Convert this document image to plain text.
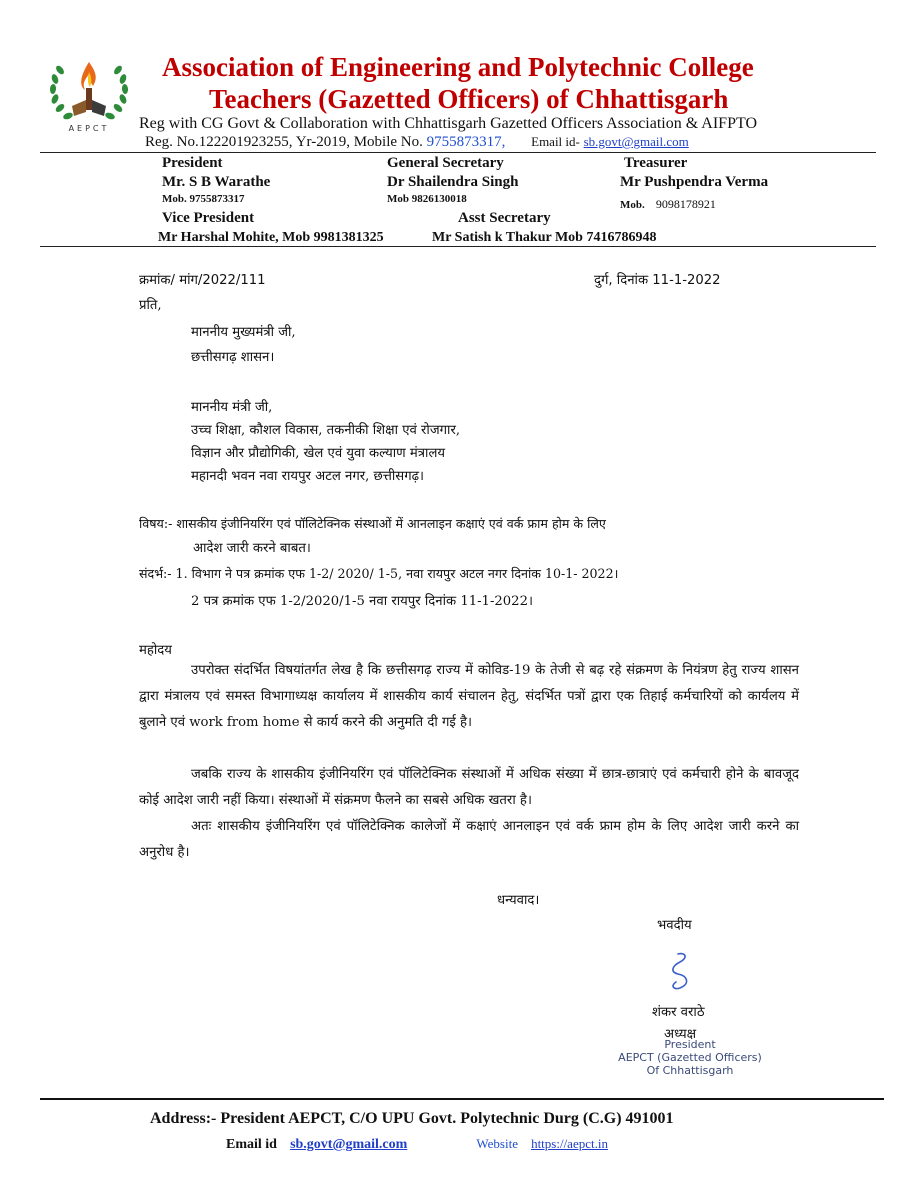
AEPCT
Association of Engineering and Polytechnic College
Teachers (Gazetted Officers) of Chhattisgarh
Reg with CG Govt & Collaboration with Chhattisgarh Gazetted Officers Association & AIFPTO
Reg. No.122201923255, Yr-2019, Mobile No. 9755873317, Email id- sb.govt@gmail.com
President
Mr. S B Warathe
Mob. 9755873317
General Secretary
Dr Shailendra Singh
Mob 9826130018
Treasurer
Mr Pushpendra Verma
Mob. 9098178921
Vice President	Asst Secretary
Mr Harshal Mohite, Mob 9981381325	Mr Satish k Thakur Mob 7416786948
क्रमांक/ मांग/2022/111	दुर्ग, दिनांक 11-1-2022
प्रति,
माननीय मुख्यमंत्री जी,
छत्तीसगढ़ शासन।
माननीय मंत्री जी,
उच्च शिक्षा, कौशल विकास, तकनीकी शिक्षा एवं रोजगार,
विज्ञान और प्रौद्योगिकी, खेल एवं युवा कल्याण मंत्रालय
महानदी भवन नवा रायपुर अटल नगर, छत्तीसगढ़।
विषय:- शासकीय इंजीनियरिंग एवं पॉलिटेक्निक संस्थाओं में आनलाइन कक्षाएं एवं वर्क फ्राम होम के लिए
आदेश जारी करने बाबत।
संदर्भ:- 1. विभाग ने पत्र क्रमांक एफ 1-2/ 2020/ 1-5, नवा रायपुर अटल नगर दिनांक 10-1- 2022।
2 पत्र क्रमांक एफ 1-2/2020/1-5 नवा रायपुर दिनांक 11-1-2022।
महोदय
उपरोक्त संदर्भित विषयांतर्गत लेख है कि छत्तीसगढ़ राज्य में कोविड-19 के तेजी से बढ़ रहे संक्रमण के नियंत्रण हेतु राज्य शासन द्वारा मंत्रालय एवं समस्त विभागाध्यक्ष कार्यालय में शासकीय कार्य संचालन हेतु, संदर्भित पत्रों द्वारा एक तिहाई कर्मचारियों को कार्यलय में बुलाने एवं work from home से कार्य करने की अनुमति दी गई है।
जबकि राज्य के शासकीय इंजीनियरिंग एवं पॉलिटेक्निक संस्थाओं में अधिक संख्या में छात्र-छात्राएं एवं कर्मचारी होने के बावजूद कोई आदेश जारी नहीं किया। संस्थाओं में संक्रमण फैलने का सबसे अधिक खतरा है।
अतः शासकीय इंजीनियरिंग एवं पॉलिटेक्निक कालेजों में कक्षाएं आनलाइन एवं वर्क फ्राम होम के लिए आदेश जारी करने का अनुरोध है।
धन्यवाद।
भवदीय
शंकर वराठे
अध्यक्ष
President
AEPCT (Gazetted Officers)
Of Chhattisgarh
Address:- President AEPCT, C/O UPU Govt. Polytechnic Durg (C.G) 491001
Email id sb.govt@gmail.com	Website https://aepct.in
